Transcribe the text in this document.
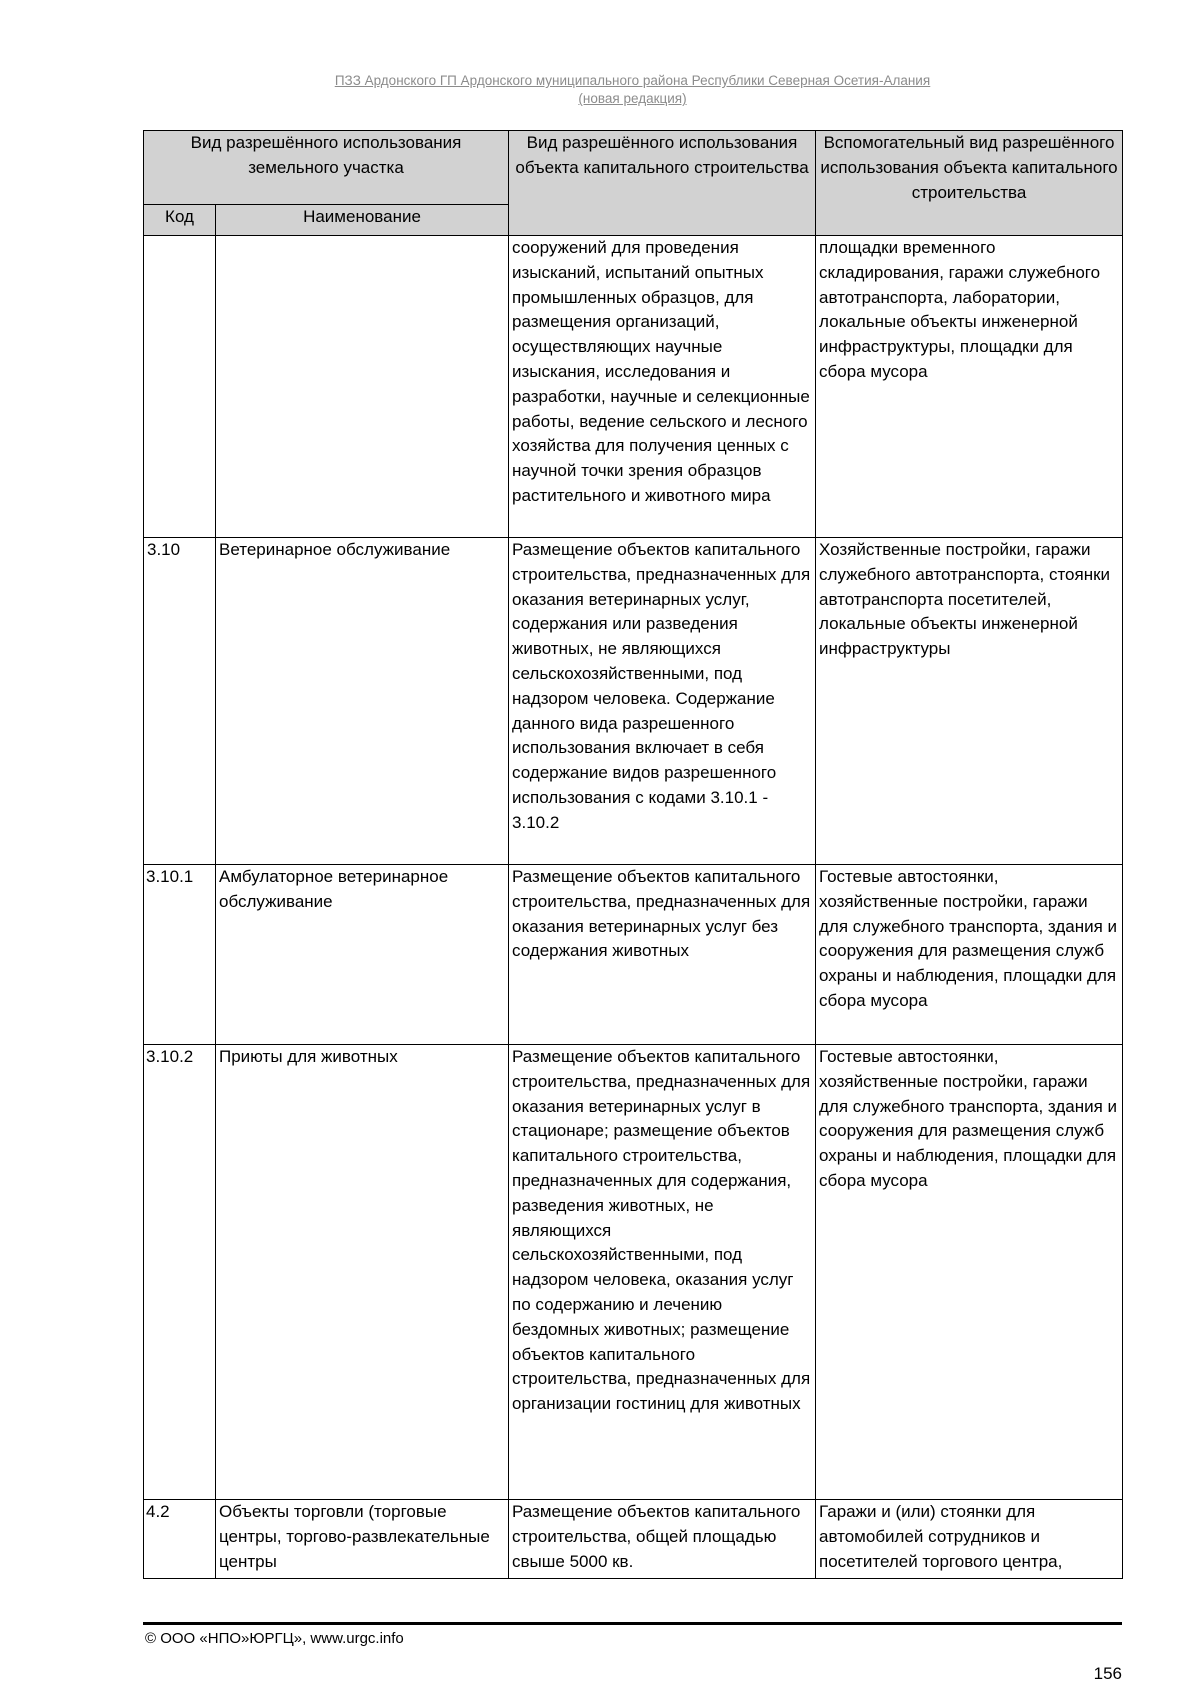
ПЗЗ Ардонского ГП Ардонского муниципального района Республики Северная Осетия-Алания
(новая редакция)
Вид разрешённого использования земельного участка		Вид разрешённого использования объекта капитального строительства	Вспомогательный вид разрешённого использования объекта капитального строительства
Код	Наименование		
		сооружений для проведения изысканий, испытаний опытных промышленных образцов, для размещения организаций, осуществляющих научные изыскания, исследования и разработки, научные и селекционные работы, ведение сельского и лесного хозяйства для получения ценных с научной точки зрения образцов растительного и животного мира	площадки временного складирования, гаражи служебного автотранспорта, лаборатории, локальные объекты инженерной инфраструктуры, площадки для сбора мусора
3.10	Ветеринарное обслуживание	Размещение объектов капитального строительства, предназначенных для оказания ветеринарных услуг, содержания или разведения животных, не являющихся сельскохозяйственными, под надзором человека. Содержание данного вида разрешенного использования включает в себя содержание видов разрешенного использования с кодами 3.10.1 - 3.10.2	Хозяйственные постройки, гаражи служебного автотранспорта, стоянки автотранспорта посетителей, локальные объекты инженерной инфраструктуры
3.10.1	Амбулаторное ветеринарное обслуживание	Размещение объектов капитального строительства, предназначенных для оказания ветеринарных услуг без содержания животных	Гостевые автостоянки, хозяйственные постройки, гаражи для служебного транспорта, здания и сооружения для размещения служб охраны и наблюдения, площадки для сбора мусора
3.10.2	Приюты для животных	Размещение объектов капитального строительства, предназначенных для оказания ветеринарных услуг в стационаре; размещение объектов капитального строительства, предназначенных для содержания, разведения животных, не являющихся сельскохозяйственными, под надзором человека, оказания услуг по содержанию и лечению бездомных животных; размещение объектов капитального строительства, предназначенных для организации гостиниц для животных	Гостевые автостоянки, хозяйственные постройки, гаражи для служебного транспорта, здания и сооружения для размещения служб охраны и наблюдения, площадки для сбора мусора
4.2	Объекты торговли (торговые центры, торгово-развлекательные центры	Размещение объектов капитального строительства, общей площадью свыше 5000 кв.	Гаражи и (или) стоянки для автомобилей сотрудников и посетителей торгового центра,
© ООО «НПО»ЮРГЦ», www.urgc.info
156
